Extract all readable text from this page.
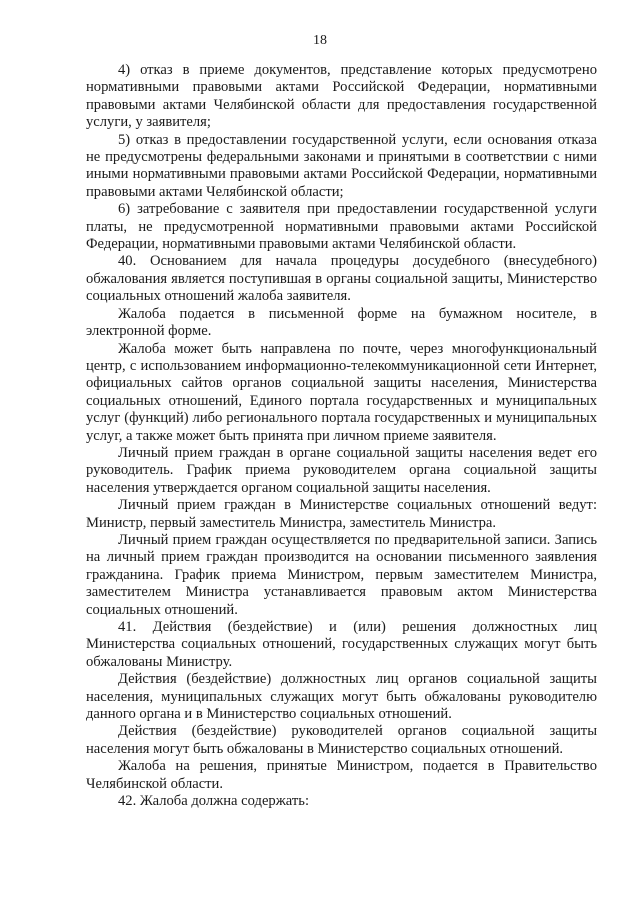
18

4) отказ в приеме документов, представление которых предусмотрено нормативными правовыми актами Российской Федерации, нормативными правовыми актами Челябинской области для предоставления государственной услуги, у заявителя;

5) отказ в предоставлении государственной услуги, если основания отказа не предусмотрены федеральными законами и принятыми в соответствии с ними иными нормативными правовыми актами Российской Федерации, нормативными правовыми актами Челябинской области;

6) затребование с заявителя при предоставлении государственной услуги платы, не предусмотренной нормативными правовыми актами Российской Федерации, нормативными правовыми актами Челябинской области.

40. Основанием для начала процедуры досудебного (внесудебного) обжалования является поступившая в органы социальной защиты, Министерство социальных отношений жалоба заявителя.

Жалоба подается в письменной форме на бумажном носителе, в электронной форме.

Жалоба может быть направлена по почте, через многофункциональный центр, с использованием информационно-телекоммуникационной сети Интернет, официальных сайтов органов социальной защиты населения, Министерства социальных отношений, Единого портала государственных и муниципальных услуг (функций) либо регионального портала государственных и муниципальных услуг, а также может быть принята при личном приеме заявителя.

Личный прием граждан в органе социальной защиты населения ведет его руководитель. График приема руководителем органа социальной защиты населения утверждается органом социальной защиты населения.

Личный прием граждан в Министерстве социальных отношений ведут: Министр, первый заместитель Министра, заместитель Министра.

Личный прием граждан осуществляется по предварительной записи. Запись на личный прием граждан производится на основании письменного заявления гражданина. График приема Министром, первым заместителем Министра, заместителем Министра устанавливается правовым актом Министерства социальных отношений.

41. Действия (бездействие) и (или) решения должностных лиц Министерства социальных отношений, государственных служащих могут быть обжалованы Министру.

Действия (бездействие) должностных лиц органов социальной защиты населения, муниципальных служащих могут быть обжалованы руководителю данного органа и в Министерство социальных отношений.

Действия (бездействие) руководителей органов социальной защиты населения могут быть обжалованы в Министерство социальных отношений.

Жалоба на решения, принятые Министром, подается в Правительство Челябинской области.

42. Жалоба должна содержать:
